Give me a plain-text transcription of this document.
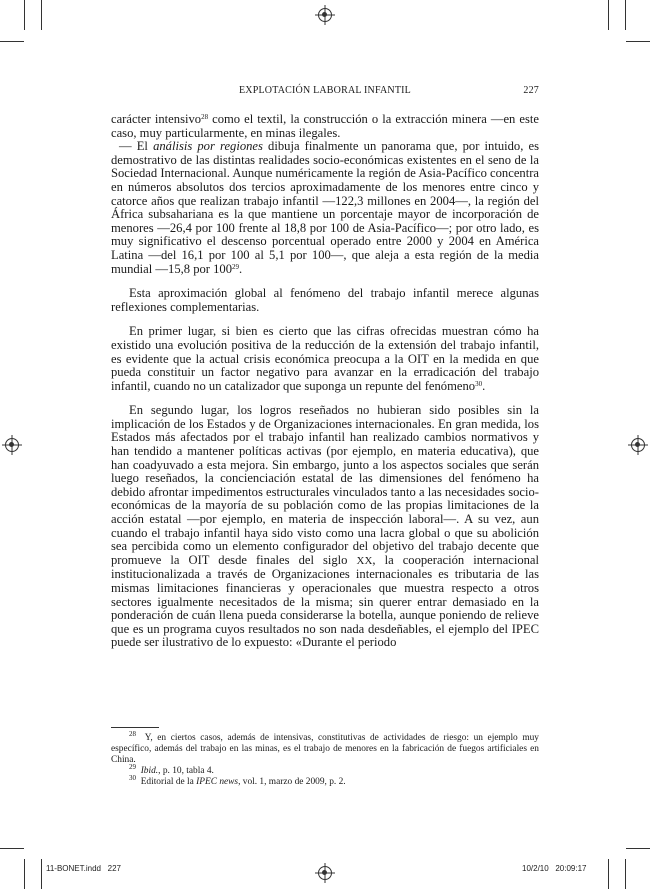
EXPLOTACIÓN LABORAL INFANTIL	227

carácter intensivo$^{28}$ como el textil, la construcción o la extracción minera —en este caso, muy particularmente, en minas ilegales.

— El análisis por regiones dibuja finalmente un panorama que, por intuido, es demostrativo de las distintas realidades socio-económicas existentes en el seno de la Sociedad Internacional. Aunque numéricamente la región de Asia-Pacífico concentra en números absolutos dos tercios aproximadamente de los menores entre cinco y catorce años que realizan trabajo infantil —122,3 millones en 2004—, la región del África subsahariana es la que mantiene un porcentaje mayor de incorporación de menores —26,4 por 100 frente al 18,8 por 100 de Asia-Pacífico—; por otro lado, es muy significativo el descenso porcentual operado entre 2000 y 2004 en América Latina —del 16,1 por 100 al 5,1 por 100—, que aleja a esta región de la media mundial —15,8 por $100^{29}$.

Esta aproximación global al fenómeno del trabajo infantil merece algunas reflexiones complementarias.

En primer lugar, si bien es cierto que las cifras ofrecidas muestran cómo ha existido una evolución positiva de la reducción de la extensión del trabajo infantil, es evidente que la actual crisis económica preocupa a la OIT en la medida en que pueda constituir un factor negativo para avanzar en la erradicación del trabajo infantil, cuando no un catalizador que suponga un repunte del fenómeno$^{30}$.

En segundo lugar, los logros reseñados no hubieran sido posibles sin la implicación de los Estados y de Organizaciones internacionales. En gran medida, los Estados más afectados por el trabajo infantil han realizado cambios normativos y han tendido a mantener políticas activas (por ejemplo, en materia educativa), que han coadyuvado a esta mejora. Sin embargo, junto a los aspectos sociales que serán luego reseñados, la concienciación estatal de las dimensiones del fenómeno ha debido afrontar impedimentos estructurales vinculados tanto a las necesidades socio-económicas de la mayoría de su población como de las propias limitaciones de la acción estatal —por ejemplo, en materia de inspección laboral—. A su vez, aun cuando el trabajo infantil haya sido visto como una lacra global o que su abolición sea percibida como un elemento configurador del objetivo del trabajo decente que promueve la OIT desde finales del siglo XX, la cooperación internacional institucionalizada a través de Organizaciones internacionales es tributaria de las mismas limitaciones financieras y operacionales que muestra respecto a otros sectores igualmente necesitados de la misma; sin querer entrar demasiado en la ponderación de cuán llena pueda considerarse la botella, aunque poniendo de relieve que es un programa cuyos resultados no son nada desdeñables, el ejemplo del IPEC puede ser ilustrativo de lo expuesto: «Durante el periodo

$^{28}$ Y, en ciertos casos, además de intensivas, constitutivas de actividades de riesgo: un ejemplo muy específico, además del trabajo en las minas, es el trabajo de menores en la fabricación de fuegos artificiales en China.

$^{29}$ Ibid., p. 10, tabla 4.

$^{30}$ Editorial de la IPEC news, vol. 1, marzo de 2009, p. 2.

11-BONET.indd   227	10/2/10   20:09:17
